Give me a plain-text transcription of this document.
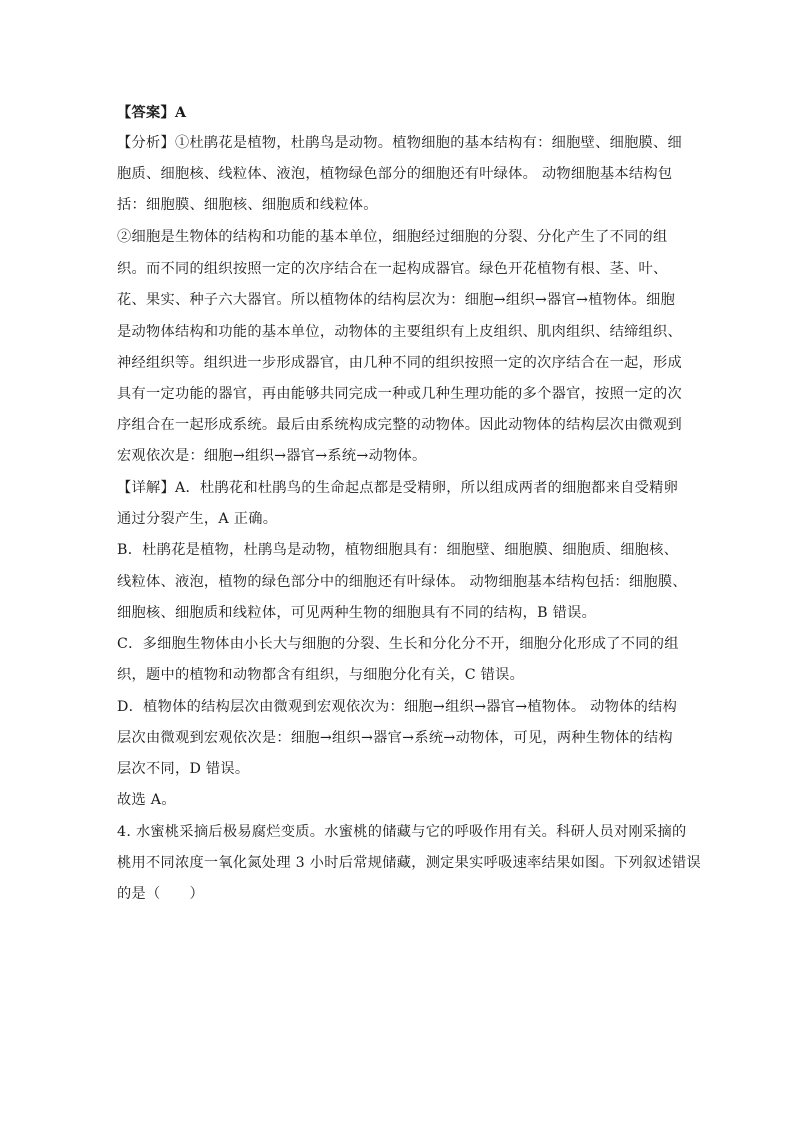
【答案】A
【分析】①杜鹃花是植物，杜鹃鸟是动物。植物细胞的基本结构有：细胞壁、细胞膜、细
胞质、细胞核、线粒体、液泡，植物绿色部分的细胞还有叶绿体。 动物细胞基本结构包
括：细胞膜、细胞核、细胞质和线粒体。
②细胞是生物体的结构和功能的基本单位，细胞经过细胞的分裂、分化产生了不同的组
织。而不同的组织按照一定的次序结合在一起构成器官。绿色开花植物有根、茎、叶、
花、果实、种子六大器官。所以植物体的结构层次为：细胞→组织→器官→植物体。细胞
是动物体结构和功能的基本单位，动物体的主要组织有上皮组织、肌肉组织、结缔组织、
神经组织等。组织进一步形成器官，由几种不同的组织按照一定的次序结合在一起，形成
具有一定功能的器官，再由能够共同完成一种或几种生理功能的多个器官，按照一定的次
序组合在一起形成系统。最后由系统构成完整的动物体。因此动物体的结构层次由微观到
宏观依次是：细胞→组织→器官→系统→动物体。
【详解】A．杜鹃花和杜鹃鸟的生命起点都是受精卵，所以组成两者的细胞都来自受精卵
通过分裂产生，A 正确。
B．杜鹃花是植物，杜鹃鸟是动物，植物细胞具有：细胞壁、细胞膜、细胞质、细胞核、
线粒体、液泡，植物的绿色部分中的细胞还有叶绿体。 动物细胞基本结构包括：细胞膜、
细胞核、细胞质和线粒体，可见两种生物的细胞具有不同的结构，B 错误。
C．多细胞生物体由小长大与细胞的分裂、生长和分化分不开，细胞分化形成了不同的组
织，题中的植物和动物都含有组织，与细胞分化有关，C 错误。
D．植物体的结构层次由微观到宏观依次为：细胞→组织→器官→植物体。 动物体的结构
层次由微观到宏观依次是：细胞→组织→器官→系统→动物体，可见，两种生物体的结构
层次不同，D 错误。
故选 A。
4. 水蜜桃采摘后极易腐烂变质。水蜜桃的储藏与它的呼吸作用有关。科研人员对刚采摘的
桃用不同浓度一氧化氮处理 3 小时后常规储藏，测定果实呼吸速率结果如图。下列叙述错误
的是（　　）
